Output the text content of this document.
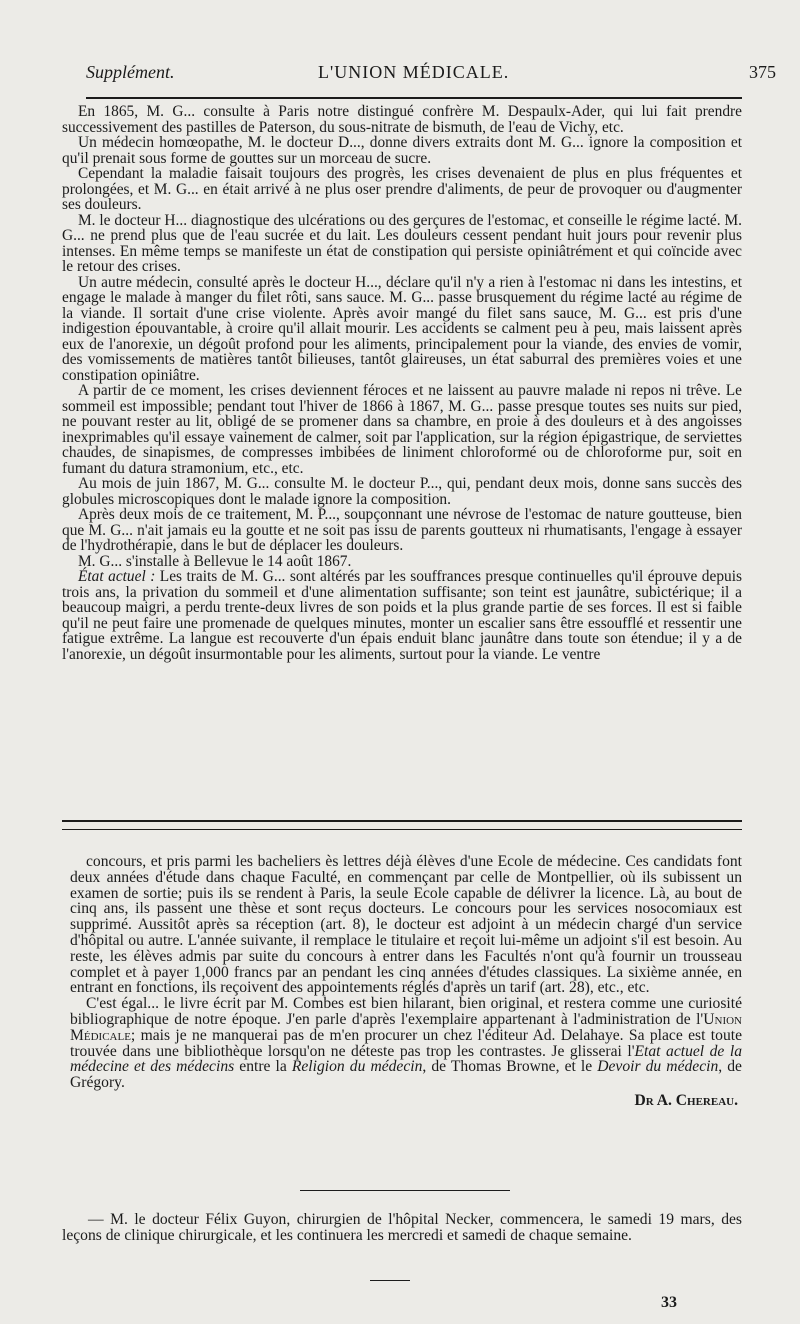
Supplément.	L'UNION MÉDICALE.	375

En 1865, M. G... consulte à Paris notre distingué confrère M. Despaulx-Ader, qui lui fait prendre successivement des pastilles de Paterson, du sous-nitrate de bismuth, de l'eau de Vichy, etc.

Un médecin homœopathe, M. le docteur D..., donne divers extraits dont M. G... ignore la composition et qu'il prenait sous forme de gouttes sur un morceau de sucre.

Cependant la maladie faisait toujours des progrès, les crises devenaient de plus en plus fréquentes et prolongées, et M. G... en était arrivé à ne plus oser prendre d'aliments, de peur de provoquer ou d'augmenter ses douleurs.

M. le docteur H... diagnostique des ulcérations ou des gerçures de l'estomac, et conseille le régime lacté. M. G... ne prend plus que de l'eau sucrée et du lait. Les douleurs cessent pendant huit jours pour revenir plus intenses. En même temps se manifeste un état de constipation qui persiste opiniâtrément et qui coïncide avec le retour des crises.

Un autre médecin, consulté après le docteur H..., déclare qu'il n'y a rien à l'estomac ni dans les intestins, et engage le malade à manger du filet rôti, sans sauce. M. G... passe brusquement du régime lacté au régime de la viande. Il sortait d'une crise violente. Après avoir mangé du filet sans sauce, M. G... est pris d'une indigestion épouvantable, à croire qu'il allait mourir. Les accidents se calment peu à peu, mais laissent après eux de l'anorexie, un dégoût profond pour les aliments, principalement pour la viande, des envies de vomir, des vomissements de matières tantôt bilieuses, tantôt glaireuses, un état saburral des premières voies et une constipation opiniâtre.

A partir de ce moment, les crises deviennent féroces et ne laissent au pauvre malade ni repos ni trêve. Le sommeil est impossible; pendant tout l'hiver de 1866 à 1867, M. G... passe presque toutes ses nuits sur pied, ne pouvant rester au lit, obligé de se promener dans sa chambre, en proie à des douleurs et à des angoisses inexprimables qu'il essaye vainement de calmer, soit par l'application, sur la région épigastrique, de serviettes chaudes, de sinapismes, de compresses imbibées de liniment chloroformé ou de chloroforme pur, soit en fumant du datura stramonium, etc., etc.

Au mois de juin 1867, M. G... consulte M. le docteur P..., qui, pendant deux mois, donne sans succès des globules microscopiques dont le malade ignore la composition.

Après deux mois de ce traitement, M. P..., soupçonnant une névrose de l'estomac de nature goutteuse, bien que M. G... n'ait jamais eu la goutte et ne soit pas issu de parents goutteux ni rhumatisants, l'engage à essayer de l'hydrothérapie, dans le but de déplacer les douleurs.

M. G... s'installe à Bellevue le 14 août 1867.

État actuel : Les traits de M. G... sont altérés par les souffrances presque continuelles qu'il éprouve depuis trois ans, la privation du sommeil et d'une alimentation suffisante; son teint est jaunâtre, subictérique; il a beaucoup maigri, a perdu trente-deux livres de son poids et la plus grande partie de ses forces. Il est si faible qu'il ne peut faire une promenade de quelques minutes, monter un escalier sans être essoufflé et ressentir une fatigue extrême. La langue est recouverte d'un épais enduit blanc jaunâtre dans toute son étendue; il y a de l'anorexie, un dégoût insurmontable pour les aliments, surtout pour la viande. Le ventre

concours, et pris parmi les bacheliers ès lettres déjà élèves d'une Ecole de médecine. Ces candidats font deux années d'étude dans chaque Faculté, en commençant par celle de Montpellier, où ils subissent un examen de sortie; puis ils se rendent à Paris, la seule Ecole capable de délivrer la licence. Là, au bout de cinq ans, ils passent une thèse et sont reçus docteurs. Le concours pour les services nosocomiaux est supprimé. Aussitôt après sa réception (art. 8), le docteur est adjoint à un médecin chargé d'un service d'hôpital ou autre. L'année suivante, il remplace le titulaire et reçoit lui-même un adjoint s'il est besoin. Au reste, les élèves admis par suite du concours à entrer dans les Facultés n'ont qu'à fournir un trousseau complet et à payer 1,000 francs par an pendant les cinq années d'études classiques. La sixième année, en entrant en fonctions, ils reçoivent des appointements réglés d'après un tarif (art. 28), etc., etc.

C'est égal... le livre écrit par M. Combes est bien hilarant, bien original, et restera comme une curiosité bibliographique de notre époque. J'en parle d'après l'exemplaire appartenant à l'administration de l'Union Médicale; mais je ne manquerai pas de m'en procurer un chez l'éditeur Ad. Delahaye. Sa place est toute trouvée dans une bibliothèque lorsqu'on ne déteste pas trop les contrastes. Je glisserai l'Etat actuel de la médecine et des médecins entre la Religion du médecin, de Thomas Browne, et le Devoir du médecin, de Grégory.

Dr A. Chereau.

— M. le docteur Félix Guyon, chirurgien de l'hôpital Necker, commencera, le samedi 19 mars, des leçons de clinique chirurgicale, et les continuera les mercredi et samedi de chaque semaine.

33
